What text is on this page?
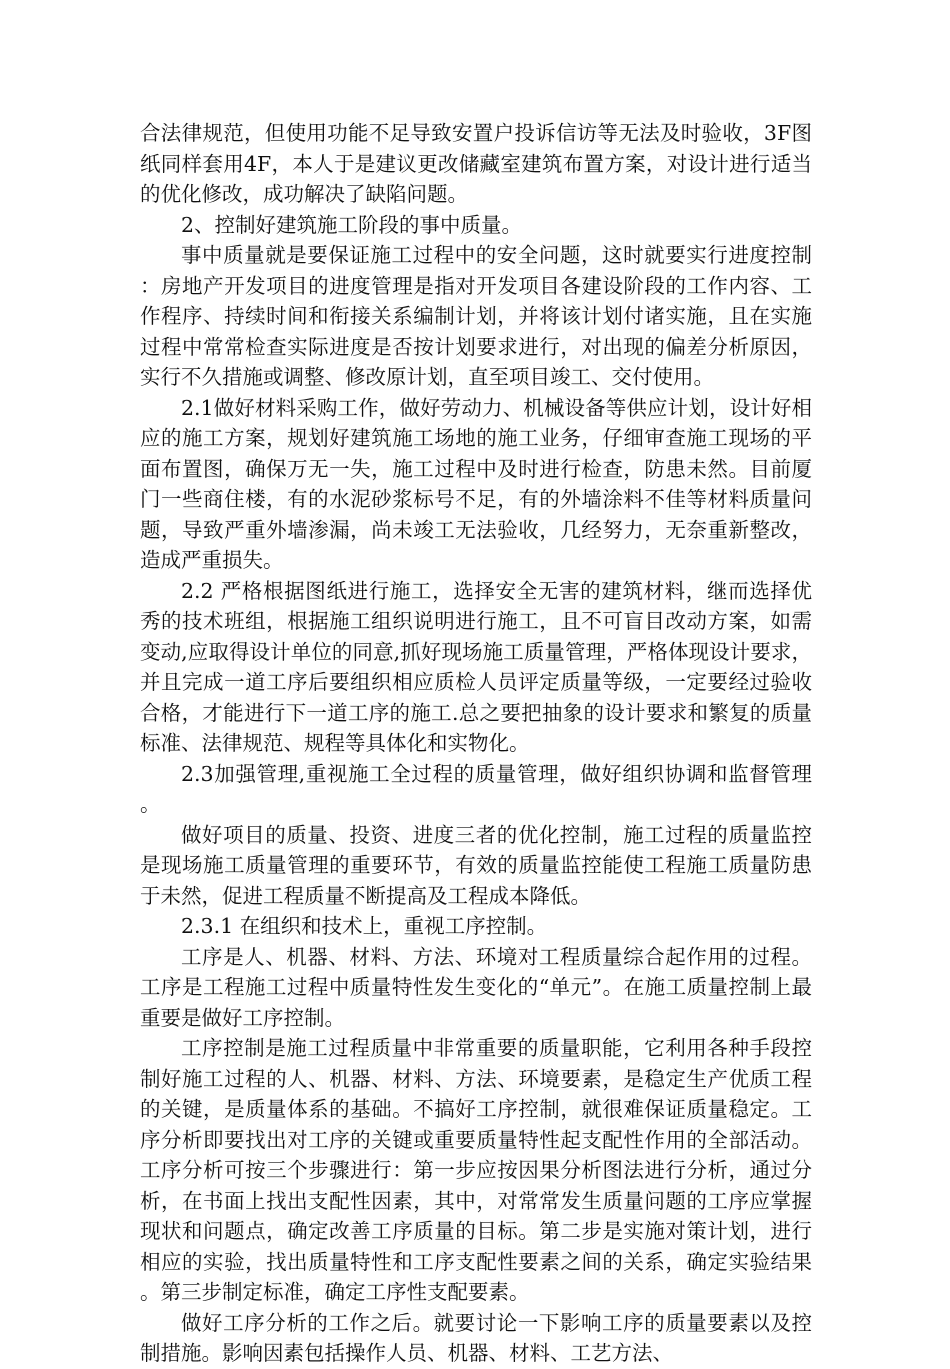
合法律规范，但使用功能不足导致安置户投诉信访等无法及时验收，3F图纸同样套用4F，本人于是建议更改储藏室建筑布置方案，对设计进行适当的优化修改，成功解决了缺陷问题。

2、控制好建筑施工阶段的事中质量。

事中质量就是要保证施工过程中的安全问题，这时就要实行进度控制：房地产开发项目的进度管理是指对开发项目各建设阶段的工作内容、工作程序、持续时间和衔接关系编制计划，并将该计划付诸实施，且在实施过程中常常检查实际进度是否按计划要求进行，对出现的偏差分析原因，实行不久措施或调整、修改原计划，直至项目竣工、交付使用。

2.1做好材料采购工作，做好劳动力、机械设备等供应计划，设计好相应的施工方案，规划好建筑施工场地的施工业务，仔细审查施工现场的平面布置图，确保万无一失，施工过程中及时进行检查，防患未然。目前厦门一些商住楼，有的水泥砂浆标号不足，有的外墙涂料不佳等材料质量问题，导致严重外墙渗漏，尚未竣工无法验收，几经努力，无奈重新整改，造成严重损失。

2.2 严格根据图纸进行施工，选择安全无害的建筑材料，继而选择优秀的技术班组，根据施工组织说明进行施工，且不可盲目改动方案，如需变动,应取得设计单位的同意,抓好现场施工质量管理，严格体现设计要求，并且完成一道工序后要组织相应质检人员评定质量等级，一定要经过验收合格，才能进行下一道工序的施工.总之要把抽象的设计要求和繁复的质量标准、法律规范、规程等具体化和实物化。

2.3加强管理,重视施工全过程的质量管理，做好组织协调和监督管理。

做好项目的质量、投资、进度三者的优化控制，施工过程的质量监控是现场施工质量管理的重要环节，有效的质量监控能使工程施工质量防患于未然，促进工程质量不断提高及工程成本降低。

2.3.1 在组织和技术上，重视工序控制。

工序是人、机器、材料、方法、环境对工程质量综合起作用的过程。工序是工程施工过程中质量特性发生变化的“单元”。在施工质量控制上最重要是做好工序控制。

工序控制是施工过程质量中非常重要的质量职能，它利用各种手段控制好施工过程的人、机器、材料、方法、环境要素，是稳定生产优质工程的关键，是质量体系的基础。不搞好工序控制，就很难保证质量稳定。工序分析即要找出对工序的关键或重要质量特性起支配性作用的全部活动。工序分析可按三个步骤进行：第一步应按因果分析图法进行分析，通过分析，在书面上找出支配性因素，其中，对常常发生质量问题的工序应掌握现状和问题点，确定改善工序质量的目标。第二步是实施对策计划，进行相应的实验，找出质量特性和工序支配性要素之间的关系，确定实验结果。第三步制定标准，确定工序性支配要素。

做好工序分析的工作之后。就要讨论一下影响工序的质量要素以及控制措施。影响因素包括操作人员、机器、材料、工艺方法、
